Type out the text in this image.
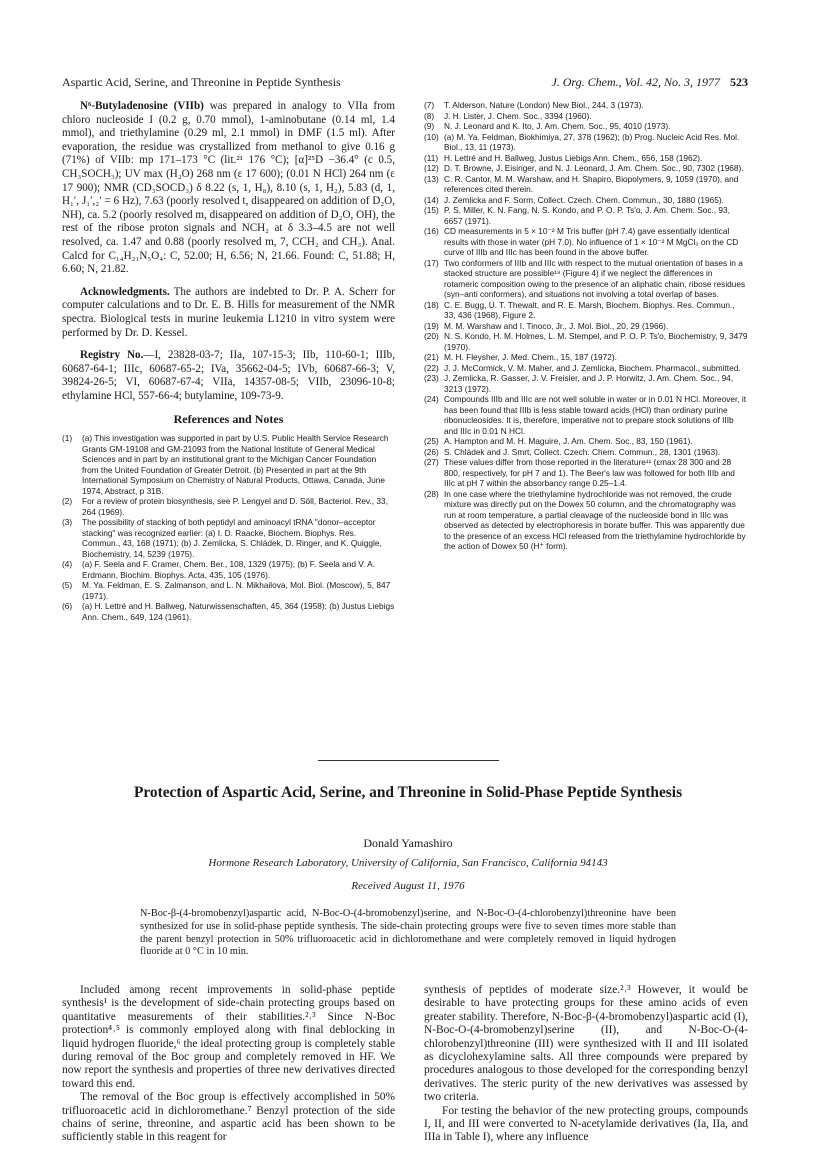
Aspartic Acid, Serine, and Threonine in Peptide Synthesis	J. Org. Chem., Vol. 42, No. 3, 1977 523

N⁶-Butyladenosine (VIIb) was prepared in analogy to VIIa from chloro nucleoside I (0.2 g, 0.70 mmol), 1-aminobutane (0.14 ml, 1.4 mmol), and triethylamine (0.29 ml, 2.1 mmol) in DMF (1.5 ml). After evaporation, the residue was crystallized from methanol to give 0.16 g (71%) of VIIb: mp 171–173 °C (lit.²¹ 176 °C); [α]²⁵D −36.4° (c 0.5, CH₃SOCH₃); UV max (H₂O) 268 nm (ε 17 600); (0.01 N HCl) 264 nm (ε 17 900); NMR (CD₃SOCD₃) δ 8.22 (s, 1, H₈), 8.10 (s, 1, H₂), 5.83 (d, 1, H₁′, J₁′,₂′ = 6 Hz), 7.63 (poorly resolved t, disappeared on addition of D₂O, NH), ca. 5.2 (poorly resolved m, disappeared on addition of D₂O, OH), the rest of the ribose proton signals and NCH₂ at δ 3.3–4.5 are not well resolved, ca. 1.47 and 0.88 (poorly resolved m, 7, CCH₂ and CH₃). Anal. Calcd for C₁₄H₂₁N₅O₄: C, 52.00; H, 6.56; N, 21.66. Found: C, 51.88; H, 6.60; N, 21.82.

Acknowledgments. The authors are indebted to Dr. P. A. Scherr for computer calculations and to Dr. E. B. Hills for measurement of the NMR spectra. Biological tests in murine leukemia L1210 in vitro system were performed by Dr. D. Kessel.

Registry No.—I, 23828-03-7; IIa, 107-15-3; IIb, 110-60-1; IIIb, 60687-64-1; IIIc, 60687-65-2; IVa, 35662-04-5; IVb, 60687-66-3; V, 39824-26-5; VI, 60687-67-4; VIIa, 14357-08-5; VIIb, 23096-10-8; ethylamine HCl, 557-66-4; butylamine, 109-73-9.

References and Notes

(1)	(a) This investigation was supported in part by U.S. Public Health Service Research Grants GM-19108 and GM-21093 from the National Institute of General Medical Sciences and in part by an institutional grant to the Michigan Cancer Foundation from the United Foundation of Greater Detroit. (b) Presented in part at the 9th International Symposium on Chemistry of Natural Products, Ottawa, Canada, June 1974, Abstract, p 31B.
(2)	For a review of protein biosynthesis, see P. Lengyel and D. Söll, Bacteriol. Rev., 33, 264 (1969).
(3)	The possibility of stacking of both peptidyl and aminoacyl tRNA "donor–acceptor stacking" was recognized earlier: (a) I. D. Raacke, Biochem. Biophys. Res. Commun., 43, 168 (1971); (b) J. Zemlicka, S. Chládek, D. Ringer, and K. Quiggle, Biochemistry, 14, 5239 (1975).
(4)	(a) F. Seela and F. Cramer, Chem. Ber., 108, 1329 (1975); (b) F. Seela and V. A. Erdmann, Biochim. Biophys. Acta, 435, 105 (1976).
(5)	M. Ya. Feldman, E. S. Zalmanson, and L. N. Mikhailova, Mol. Biol. (Moscow), 5, 847 (1971).
(6)	(a) H. Lettré and H. Ballweg, Naturwissenschaften, 45, 364 (1958); (b) Justus Liebigs Ann. Chem., 649, 124 (1961).
(7)	T. Alderson, Nature (London) New Biol., 244, 3 (1973).
(8)	J. H. Lister, J. Chem. Soc., 3394 (1960).
(9)	N. J. Leonard and K. Ito, J. Am. Chem. Soc., 95, 4010 (1973).
(10) (a) M. Ya. Feldman, Biokhimiya, 27, 378 (1962); (b) Prog. Nucleic Acid Res. Mol. Biol., 13, 11 (1973).
(11) H. Lettré and H. Ballweg, Justus Liebigs Ann. Chem., 656, 158 (1962).
(12) D. T. Browne, J. Eisinger, and N. J. Leonard, J. Am. Chem. Soc., 90, 7302 (1968).
(13) C. R. Cantor, M. M. Warshaw, and H. Shapiro, Biopolymers, 9, 1059 (1970), and references cited therein.
(14) J. Zemlicka and F. Sorm, Collect. Czech. Chem. Commun., 30, 1880 (1965).
(15) P. S. Miller, K. N. Fang, N. S. Kondo, and P. O. P. Ts'o, J. Am. Chem. Soc., 93, 6657 (1971).
(16) CD measurements in 5 × 10⁻² M Tris buffer (pH 7.4) gave essentially identical results with those in water (pH 7.0). No influence of 1 × 10⁻² M MgCl₂ on the CD curve of IIIb and IIIc has been found in the above buffer.
(17) Two conformers of IIIb and IIIc with respect to the mutual orientation of bases in a stacked structure are possible¹⁸ (Figure 4) if we neglect the differences in rotameric composition owing to the presence of an aliphatic chain, ribose residues (syn–anti conformers), and situations not involving a total overlap of bases.
(18) C. E. Bugg, U. T. Thewalt, and R. E. Marsh, Biochem. Biophys. Res. Commun., 33, 436 (1968), Figure 2.
(19) M. M. Warshaw and I. Tinoco, Jr., J. Mol. Biol., 20, 29 (1966).
(20) N. S. Kondo, H. M. Holmes, L. M. Stempel, and P. O. P. Ts'o, Biochemistry, 9, 3479 (1970).
(21) M. H. Fleysher, J. Med. Chem., 15, 187 (1972).
(22) J. J. McCormick, V. M. Maher, and J. Zemlicka, Biochem. Pharmacol., submitted.
(23) J. Zemlicka, R. Gasser, J. V. Freisler, and J. P. Horwitz, J. Am. Chem. Soc., 94, 3213 (1972).
(24) Compounds IIIb and IIIc are not well soluble in water or in 0.01 N HCl. Moreover, it has been found that IIIb is less stable toward acids (HCl) than ordinary purine ribonucleosides. It is, therefore, imperative not to prepare stock solutions of IIIb and IIIc in 0.01 N HCl.
(25) A. Hampton and M. H. Maguire, J. Am. Chem. Soc., 83, 150 (1961).
(26) S. Chládek and J. Smrt, Collect. Czech. Chem. Commun., 28, 1301 (1963).
(27) These values differ from those reported in the literature¹¹ (εmax 28 300 and 28 800, respectively, for pH 7 and 1). The Beer's law was followed for both IIIb and IIIc at pH 7 within the absorbancy range 0.25–1.4.
(28) In one case where the triethylamine hydrochloride was not removed, the crude mixture was directly put on the Dowex 50 column, and the chromatography was run at room temperature, a partial cleavage of the nucleoside bond in IIIc was observed as detected by electrophoresis in borate buffer. This was apparently due to the presence of an excess HCl released from the triethylamine hydrochloride by the action of Dowex 50 (H⁺ form).
Protection of Aspartic Acid, Serine, and Threonine in Solid-Phase Peptide Synthesis
Donald Yamashiro
Hormone Research Laboratory, University of California, San Francisco, California 94143
Received August 11, 1976
N-Boc-β-(4-bromobenzyl)aspartic acid, N-Boc-O-(4-bromobenzyl)serine, and N-Boc-O-(4-chlorobenzyl)threonine have been synthesized for use in solid-phase peptide synthesis. The side-chain protecting groups were five to seven times more stable than the parent benzyl protection in 50% trifluoroacetic acid in dichloromethane and were completely removed in liquid hydrogen fluoride at 0 °C in 10 min.

Included among recent improvements in solid-phase peptide synthesis¹ is the development of side-chain protecting groups based on quantitative measurements of their stabilities.²˒³ Since N-Boc protection⁴˒⁵ is commonly employed along with final deblocking in liquid hydrogen fluoride,⁶ the ideal protecting group is completely stable during removal of the Boc group and completely removed in HF. We now report the synthesis and properties of three new derivatives directed toward this end.

The removal of the Boc group is effectively accomplished in 50% trifluoroacetic acid in dichloromethane.⁷ Benzyl protection of the side chains of serine, threonine, and aspartic acid has been shown to be sufficiently stable in this reagent for

synthesis of peptides of moderate size.²˒³ However, it would be desirable to have protecting groups for these amino acids of even greater stability. Therefore, N-Boc-β-(4-bromobenzyl)aspartic acid (I), N-Boc-O-(4-bromobenzyl)serine (II), and N-Boc-O-(4-chlorobenzyl)threonine (III) were synthesized with II and III isolated as dicyclohexylamine salts. All three compounds were prepared by procedures analogous to those developed for the corresponding benzyl derivatives. The steric purity of the new derivatives was assessed by two criteria.

For testing the behavior of the new protecting groups, compounds I, II, and III were converted to N-acetylamide derivatives (Ia, IIa, and IIIa in Table I), where any influence
